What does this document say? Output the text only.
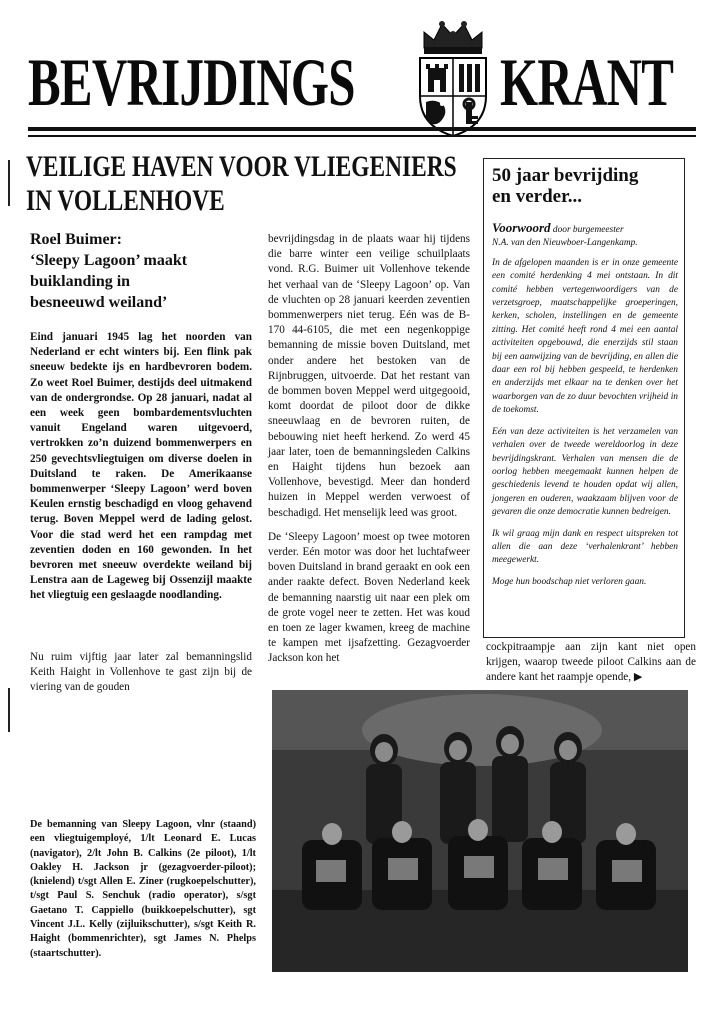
BEVRIJDINGS KRANT
VEILIGE HAVEN VOOR VLIEGENIERS
IN VOLLENHOVE
Roel Buimer:
‘Sleepy Lagoon’ maakt
buiklanding in
besneeuwd weiland’
Eind januari 1945 lag het noorden van Nederland er echt winters bij. Een flink pak sneeuw bedekte ijs en hardbevroren bodem. Zo weet Roel Buimer, destijds deel uitmakend van de ondergrondse. Op 28 januari, nadat al een week geen bombardementsvluchten vanuit Engeland waren uitgevoerd, vertrokken zo’n duizend bommenwerpers en 250 gevechtsvliegtuigen om diverse doelen in Duitsland te raken. De Amerikaanse bommenwerper ‘Sleepy Lagoon’ werd boven Keulen ernstig beschadigd en vloog gehavend terug. Boven Meppel werd de lading gelost. Voor die stad werd het een rampdag met zeventien doden en 160 gewonden. In het bevroren met sneeuw overdekte weiland bij Lenstra aan de Lageweg bij Ossenzijl maakte het vliegtuig een geslaagde noodlanding.
Nu ruim vijftig jaar later zal bemanningslid Keith Haight in Vollenhove te gast zijn bij de viering van de gouden

bevrijdingsdag in de plaats waar hij tijdens die barre winter een veilige schuilplaats vond. R.G. Buimer uit Vollenhove tekende het verhaal van de ‘Sleepy Lagoon’ op. Van de vluchten op 28 januari keerden zeventien bommenwerpers niet terug. Eén was de B-170 44-6105, die met een negenkoppige bemanning de missie boven Duitsland, met onder andere het bestoken van de Rijnbruggen, uitvoerde. Dat het restant van de bommen boven Meppel werd uitgegooid, komt doordat de piloot door de dikke sneeuwlaag en de bevroren ruiten, de bebouwing niet heeft herkend. Zo werd 45 jaar later, toen de bemanningsleden Calkins en Haight tijdens hun bezoek aan Vollenhove, bevestigd. Meer dan honderd huizen in Meppel werden verwoest of beschadigd. Het menselijk leed was groot.

De ‘Sleepy Lagoon’ moest op twee motoren verder. Eén motor was door het luchtafweer boven Duitsland in brand geraakt en ook een ander raakte defect. Boven Nederland keek de bemanning naarstig uit naar een plek om de grote vogel neer te zetten. Het was koud en toen ze lager kwamen, kreeg de machine te kampen met ijsafzetting. Gezagvoerder Jackson kon het

50 jaar bevrijding
en verder...

Voorwoord door burgemeester
N.A. van den Nieuwboer-Langenkamp.

In de afgelopen maanden is er in onze gemeente een comité herdenking 4 mei ontstaan. In dit comité hebben vertegenwoordigers van de verzetsgroep, maatschappelijke groeperingen, kerken, scholen, instellingen en de gemeente zitting. Het comité heeft rond 4 mei een aantal activiteiten opgebouwd, die enerzijds stil staan bij een aanwijzing van de bevrijding, en allen die daar een rol bij hebben gespeeld, te herdenken en anderzijds met elkaar na te denken over het waarborgen van de zo duur bevochten vrijheid in de toekomst.

Eén van deze activiteiten is het verzamelen van verhalen over de tweede wereldoorlog in deze bevrijdingskrant. Verhalen van mensen die de oorlog hebben meegemaakt kunnen helpen de geschiedenis levend te houden opdat wij allen, jongeren en ouderen, waakzaam blijven voor de gevaren die onze democratie kunnen bedreigen.

Ik wil graag mijn dank en respect uitspreken tot allen die aan deze ‘verhalenkrant’ hebben meegewerkt.

Moge hun boodschap niet verloren gaan.

cockpitraampje aan zijn kant niet open krijgen, waarop tweede piloot Calkins aan de andere kant het raampje opende, ▶
De bemanning van Sleepy Lagoon, vlnr (staand) een vliegtuigemployé, 1/lt Leonard E. Lucas (navigator), 2/lt John B. Calkins (2e piloot), 1/lt Oakley H. Jackson jr (gezagvoerder-piloot); (knielend) t/sgt Allen E. Ziner (rugkoepelschutter), t/sgt Paul S. Senchuk (radio operator), s/sgt Gaetano T. Cappiello (buikkoepelschutter), sgt Vincent J.L. Kelly (zijluikschutter), s/sgt Keith R. Haight (bommenrichter), sgt James N. Phelps (staartschutter).
